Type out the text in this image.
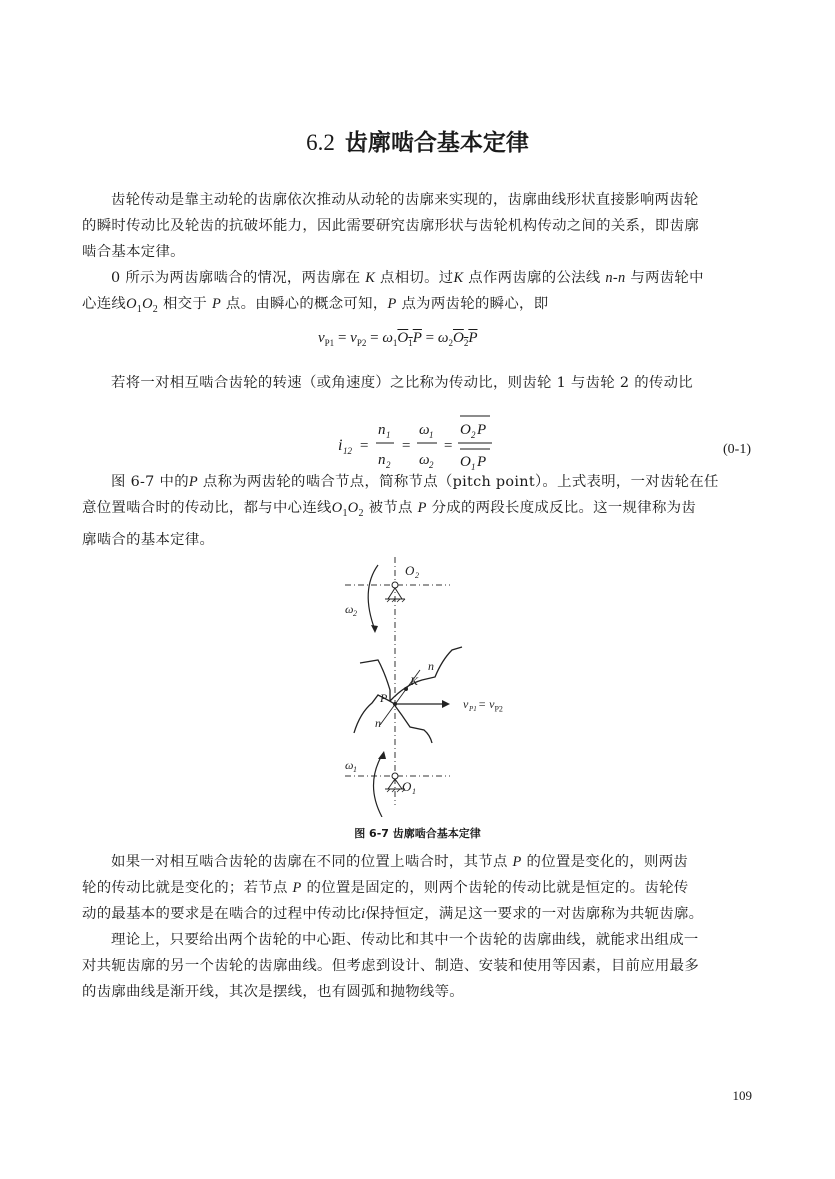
6.2 齿廓啮合基本定律
齿轮传动是靠主动轮的齿廓依次推动从动轮的齿廓来实现的，齿廓曲线形状直接影响两齿轮
的瞬时传动比及轮齿的抗破坏能力，因此需要研究齿廓形状与齿轮机构传动之间的关系，即齿廓
啮合基本定律。
0 所示为两齿廓啮合的情况，两齿廓在 K 点相切。过K 点作两齿廓的公法线 n-n 与两齿轮中
心连线$O_1O_2$ 相交于 P 点。由瞬心的概念可知，P 点为两齿轮的瞬心，即
$v_{P1} = v_{P2} = \omega_1O_1P = \omega_2O_2P$
若将一对相互啮合齿轮的转速（或角速度）之比称为传动比，则齿轮 1 与齿轮 2 的传动比
i 12 =
n 1
n 2
=
ω 1
ω 2
=
O 2 P
O 1 P
(0-1)
图 6-7 中的P 点称为两齿轮的啮合节点，简称节点（pitch point）。上式表明，一对齿轮在任
意位置啮合时的传动比，都与中心连线$O_1O_2$ 被节点 P 分成的两段长度成反比。这一规律称为齿
廓啮合的基本定律。
O 2
ω 2
O 1
ω 1
K
P
n
n
v $P1 = v_{P2}$
图 6-7 齿廓啮合基本定律
如果一对相互啮合齿轮的齿廓在不同的位置上啮合时，其节点 P 的位置是变化的，则两齿
轮的传动比就是变化的；若节点 P 的位置是固定的，则两个齿轮的传动比就是恒定的。齿轮传
动的最基本的要求是在啮合的过程中传动比i保持恒定，满足这一要求的一对齿廓称为共轭齿廓。
理论上，只要给出两个齿轮的中心距、传动比和其中一个齿轮的齿廓曲线，就能求出组成一
对共轭齿廓的另一个齿轮的齿廓曲线。但考虑到设计、制造、安装和使用等因素，目前应用最多
的齿廓曲线是渐开线，其次是摆线，也有圆弧和抛物线等。
109
